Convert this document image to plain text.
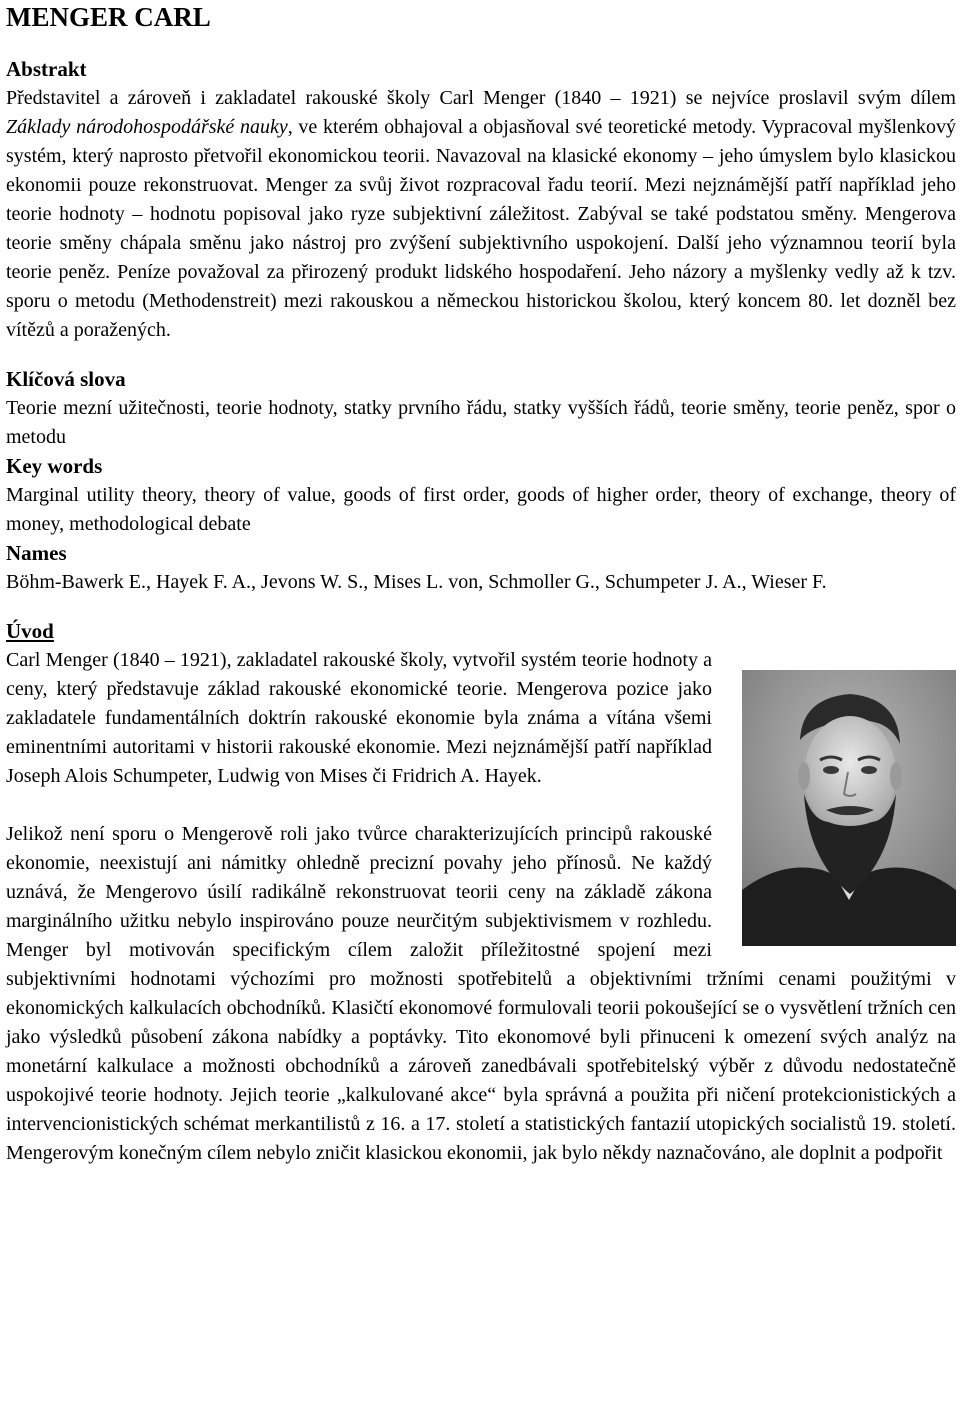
MENGER CARL
Abstrakt

Představitel a zároveň i zakladatel rakouské školy Carl Menger (1840 – 1921) se nejvíce proslavil svým dílem Základy národohospodářské nauky, ve kterém obhajoval a objasňoval své teoretické metody. Vypracoval myšlenkový systém, který naprosto přetvořil ekonomickou teorii. Navazoval na klasické ekonomy – jeho úmyslem bylo klasickou ekonomii pouze rekonstruovat. Menger za svůj život rozpracoval řadu teorií. Mezi nejznámější patří například jeho teorie hodnoty – hodnotu popisoval jako ryze subjektivní záležitost. Zabýval se také podstatou směny. Mengerova teorie směny chápala směnu jako nástroj pro zvýšení subjektivního uspokojení. Další jeho významnou teorií byla teorie peněz. Peníze považoval za přirozený produkt lidského hospodaření. Jeho názory a myšlenky vedly až k tzv. sporu o metodu (Methodenstreit) mezi rakouskou a německou historickou školou, který koncem 80. let dozněl bez vítězů a poražených.

Klíčová slova

Teorie mezní užitečnosti, teorie hodnoty, statky prvního řádu, statky vyšších řádů, teorie směny, teorie peněz, spor o metodu

Key words

Marginal utility theory, theory of value, goods of first order, goods of higher order, theory of exchange, theory of money, methodological debate

Names

Böhm-Bawerk E., Hayek F. A., Jevons W. S., Mises L. von, Schmoller G., Schumpeter J. A., Wieser F.

Úvod

Carl Menger (1840 – 1921), zakladatel rakouské školy, vytvořil systém teorie hodnoty a ceny, který představuje základ rakouské ekonomické teorie. Mengerova pozice jako zakladatele fundamentálních doktrín rakouské ekonomie byla známa a vítána všemi eminentními autoritami v historii rakouské ekonomie. Mezi nejznámější patří například Joseph Alois Schumpeter, Ludwig von Mises či Fridrich A. Hayek.

Jelikož není sporu o Mengerově roli jako tvůrce charakterizujících principů rakouské ekonomie, neexistují ani námitky ohledně precizní povahy jeho přínosů. Ne každý uznává, že Mengerovo úsilí radikálně rekonstruovat teorii ceny na základě zákona marginálního užitku nebylo inspirováno pouze neurčitým subjektivismem v rozhledu. Menger byl motivován specifickým cílem založit příležitostné spojení mezi subjektivními hodnotami výchozími pro možnosti spotřebitelů a objektivními tržními cenami použitými v ekonomických kalkulacích obchodníků. Klasičtí ekonomové formulovali teorii pokoušející se o vysvětlení tržních cen jako výsledků působení zákona nabídky a poptávky. Tito ekonomové byli přinuceni k omezení svých analýz na monetární kalkulace a možnosti obchodníků a zároveň zanedbávali spotřebitelský výběr z důvodu nedostatečně uspokojivé teorie hodnoty. Jejich teorie „kalkulované akce“ byla správná a použita při ničení protekcionistických a intervencionistických schémat merkantilistů z 16. a 17. století a statistických fantazií utopických socialistů 19. století. Mengerovým konečným cílem nebylo zničit klasickou ekonomii, jak bylo někdy naznačováno, ale doplnit a podpořit
